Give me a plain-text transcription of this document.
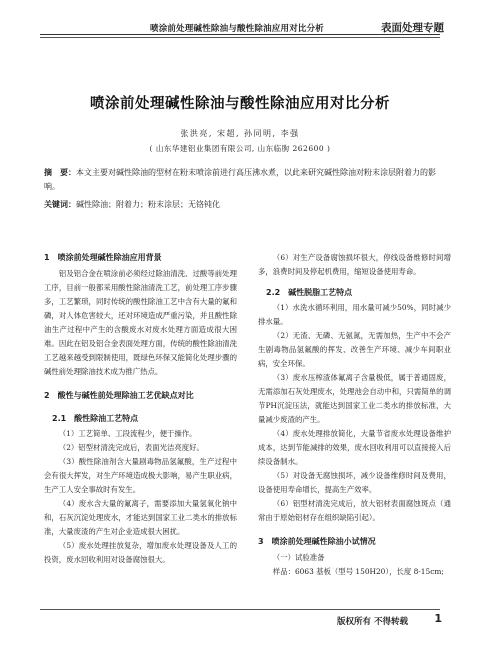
喷涂前处理碱性除油与酸性除油应用对比分析	表面处理专题
喷涂前处理碱性除油与酸性除油应用对比分析
张洪亮, 宋超, 孙同明, 李强
( 山东华建铝业集团有限公司, 山东临朐 262600 )
摘　要：本文主要对碱性除油的型材在粉末喷涂前进行高压沸水煮，以此来研究碱性除油对粉末涂层附着力的影响。
关键词：碱性除油；附着力；粉末涂层；无铬钝化
1　喷涂前处理碱性除油应用背景

铝及铝合金在喷涂前必须经过除油清洗、过酸等前处理工序，目前一般都采用酸性除油清洗工艺，前处理工序步骤多，工艺繁琐，同时传统的酸性除油工艺中含有大量的氟和磷，对人体危害较大，还对环境造成严重污染，并且酸性除油生产过程中产生的含酸废水对废水处理方面造成很大困难。因此在铝及铝合金表面处理方面，传统的酸性除油清洗工艺越来越受到限制使用，既绿色环保又能简化处理步骤的碱性前处理除油技术成为推广热点。

2　酸性与碱性前处理除油工艺优缺点对比
2.1　酸性除油工艺特点

（1）工艺简单、工段流程少，便于操作。

（2）铝型材清洗完成后，表面光洁亮度好。

（3）酸性除油剂含大量剧毒物品氢氟酸，生产过程中会有很大挥发，对生产环境造成极大影响，易产生职业病，生产工人安全事故时有发生。

（4）废水含大量的氟离子，需要添加大量氢氧化钠中和，石灰沉淀处理废水，才能达到国家工业二类水的排放标准，大量废渣的产生对企业造成很大困扰。

（5）废水处理挂放复杂，增加废水处理设备及人工的投资，废水回收利用对设备腐蚀很大。

（6）对生产设备腐蚀损坏很大，停线设备维修时间增多，浪费时间及停起机费用，缩短设备使用寿命。

2.2　碱性脱脂工艺特点

（1）水洗水循环利用，用水量可减少50%，同时减少排水量。

（2）无渣、无磷、无氨氮，无需加热，生产中不会产生剧毒物品氢氟酸的挥发、改善生产环境、减少车间职业病，安全环保。

（3）废水压榨渣体氟离子含量极低，属于普通固废，无需添加石灰处理废水，处理池会自动中和，只需简单的调节PH沉淀压法，就能达到国家工业二类水的排放标准，大量减少废渣的产生。

（4）废水处理排放简化，大量节省废水处理设备维护成本，达到节能减排的效果，废水回收利用可以直接接入后续设备制水。

（5）对设备无腐蚀损坏，减少设备维修时间及费用，设备使用寿命增长，提高生产效率。

（6）铝型材清洗完成后，放大铝材表面腐蚀斑点（通常由于原始铝材存在组织缺陷引起）。

3　喷涂前处理碱性除油小试情况

（一）试验准备

样品：6063 基板（型号 150H20），长度 8-15cm;

版权所有 不得转载 1
